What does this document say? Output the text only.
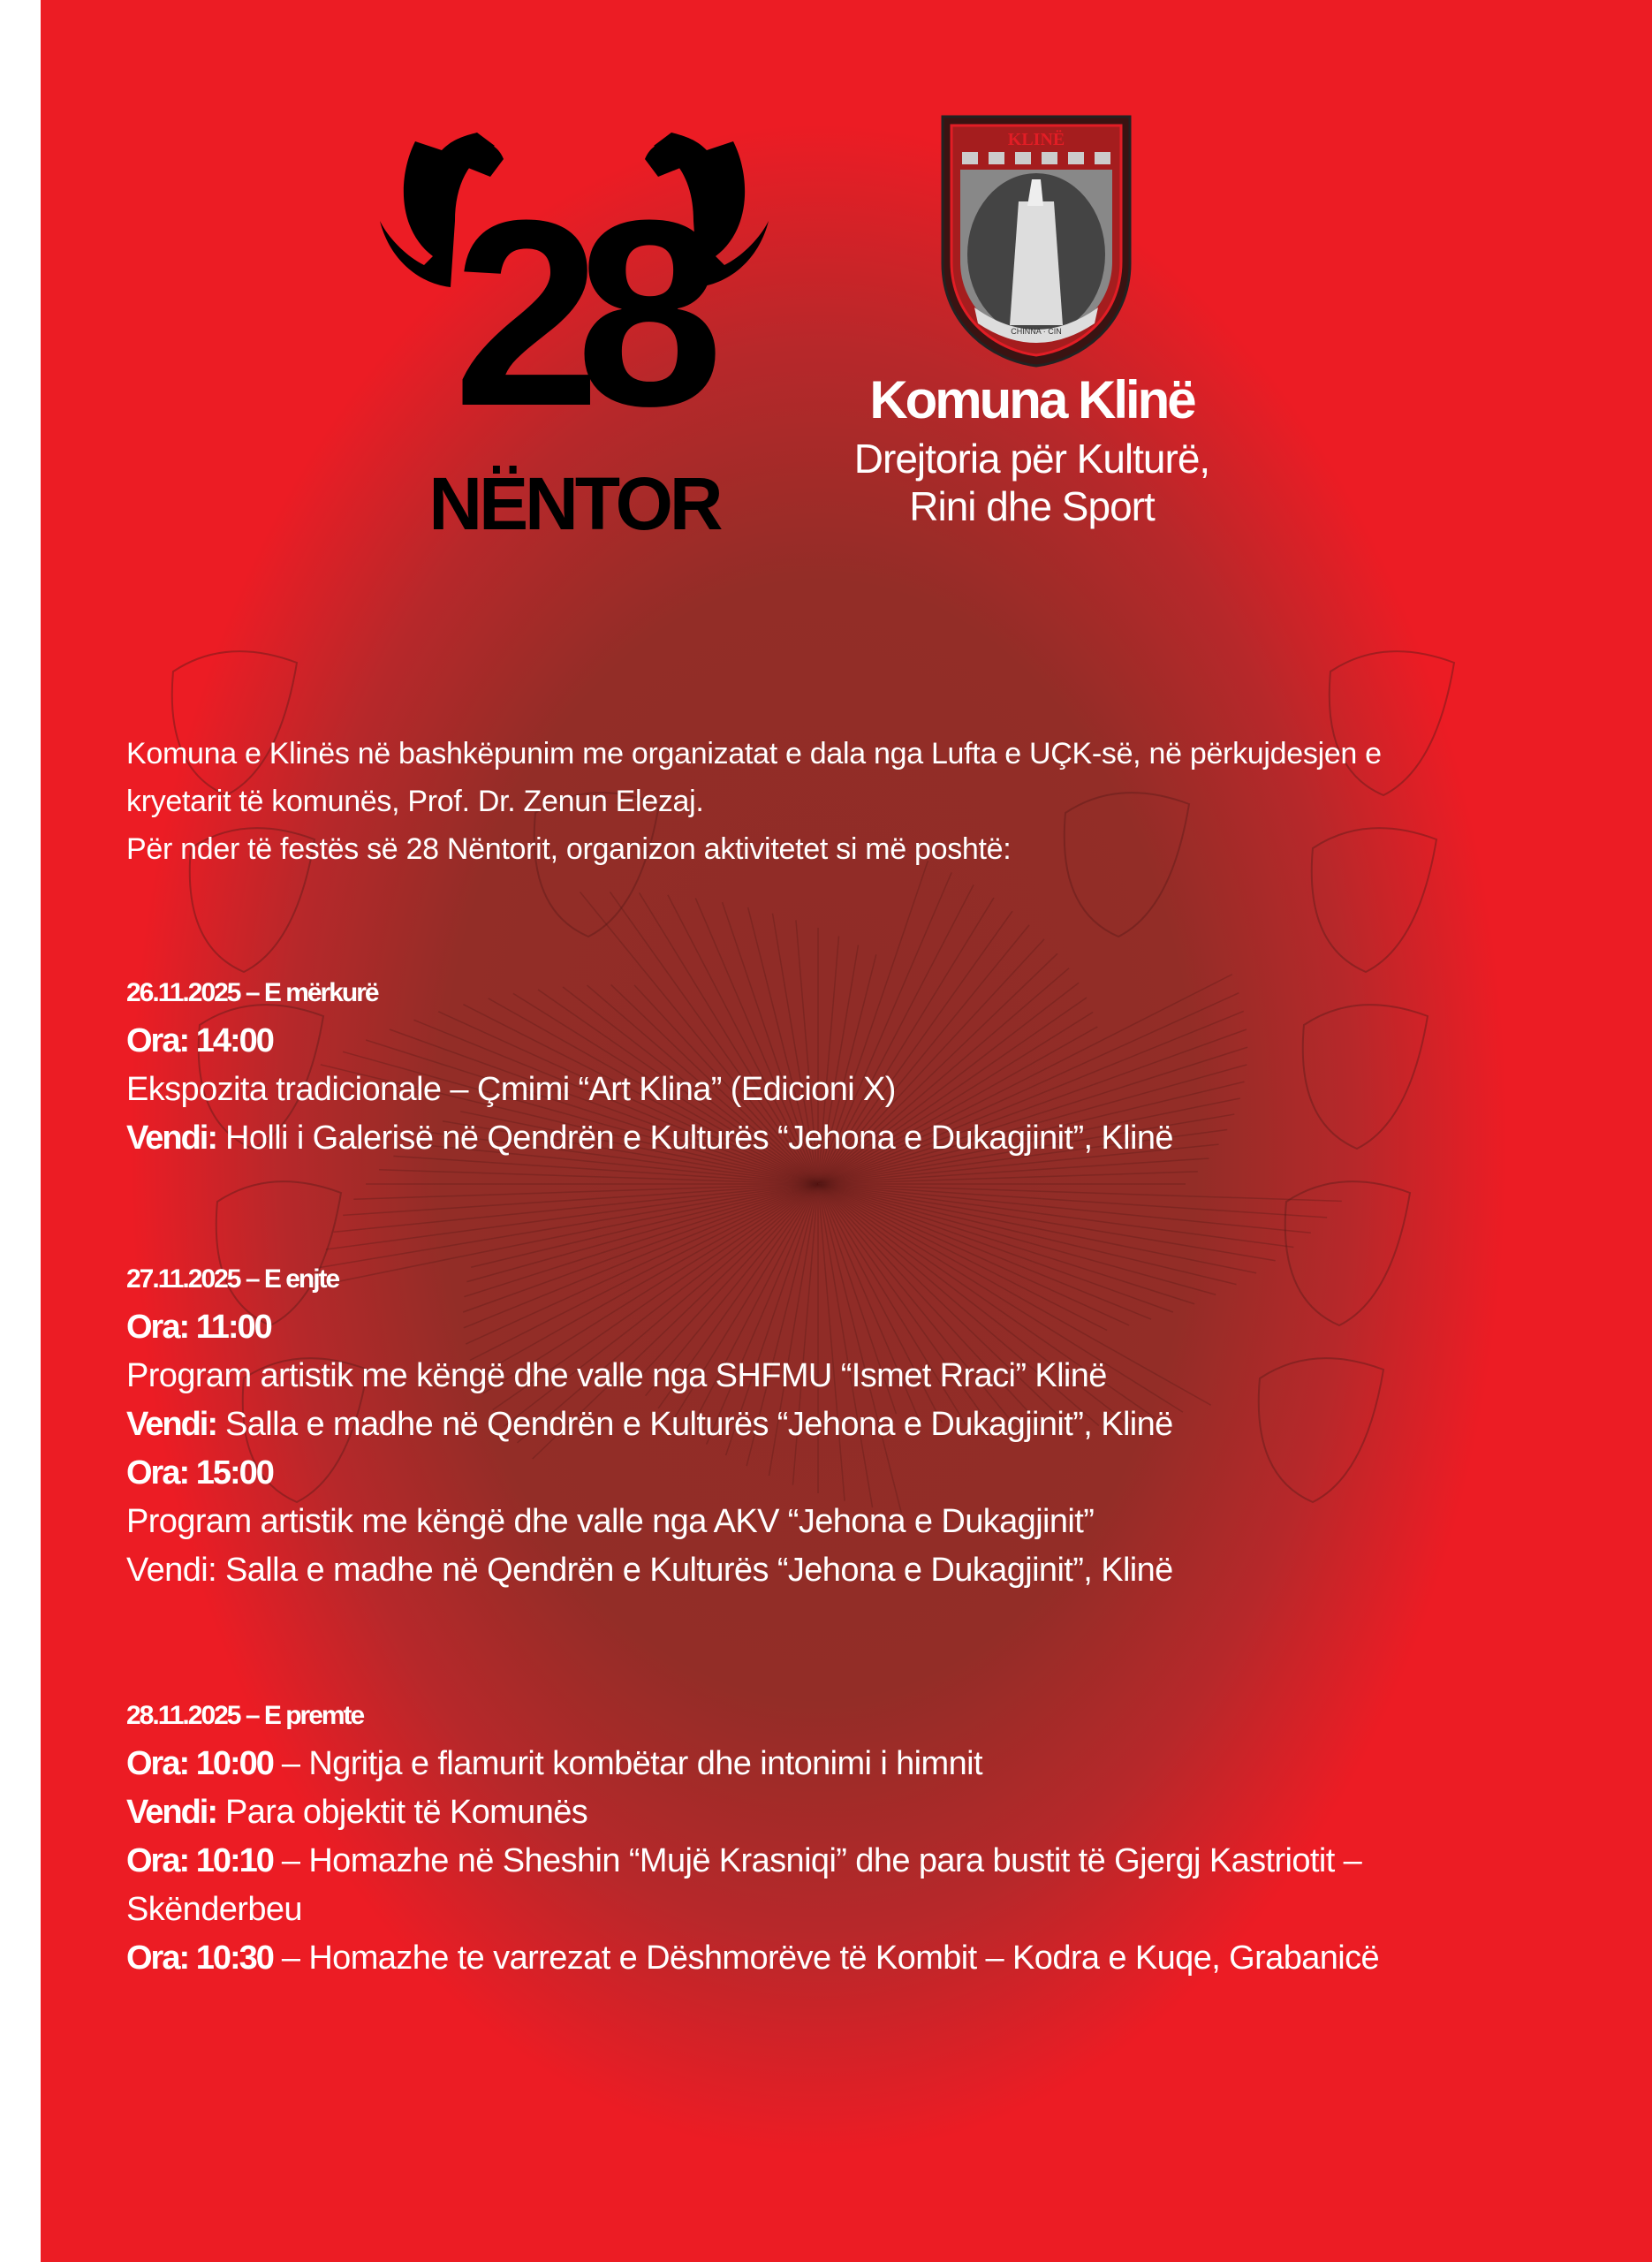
28
NËNTOR
KLINË
CHINNA · CIN
Komuna Klinë
Drejtoria për Kulturë,
Rini dhe Sport
Komuna e Klinës në bashkëpunim me organizatat e dala nga Lufta e UÇK-së, në përkujdesjen e
kryetarit të komunës, Prof. Dr. Zenun Elezaj.
Për nder të festës së 28 Nëntorit, organizon aktivitetet si më poshtë:
26.11.2025 – E mërkurë
Ora: 14:00
Ekspozita tradicionale – Çmimi “Art Klina” (Edicioni X)
Vendi: Holli i Galerisë në Qendrën e Kulturës “Jehona e Dukagjinit”, Klinë
27.11.2025 – E enjte
Ora: 11:00
Program artistik me këngë dhe valle nga SHFMU “Ismet Rraci” Klinë
Vendi: Salla e madhe në Qendrën e Kulturës “Jehona e Dukagjinit”, Klinë
Ora: 15:00
Program artistik me këngë dhe valle nga AKV “Jehona e Dukagjinit”
Vendi: Salla e madhe në Qendrën e Kulturës “Jehona e Dukagjinit”, Klinë
28.11.2025 – E premte
Ora: 10:00 – Ngritja e flamurit kombëtar dhe intonimi i himnit
Vendi: Para objektit të Komunës
Ora: 10:10 – Homazhe në Sheshin “Mujë Krasniqi” dhe para bustit të Gjergj Kastriotit –
Skënderbeu
Ora: 10:30 – Homazhe te varrezat e Dëshmorëve të Kombit – Kodra e Kuqe, Grabanicë
